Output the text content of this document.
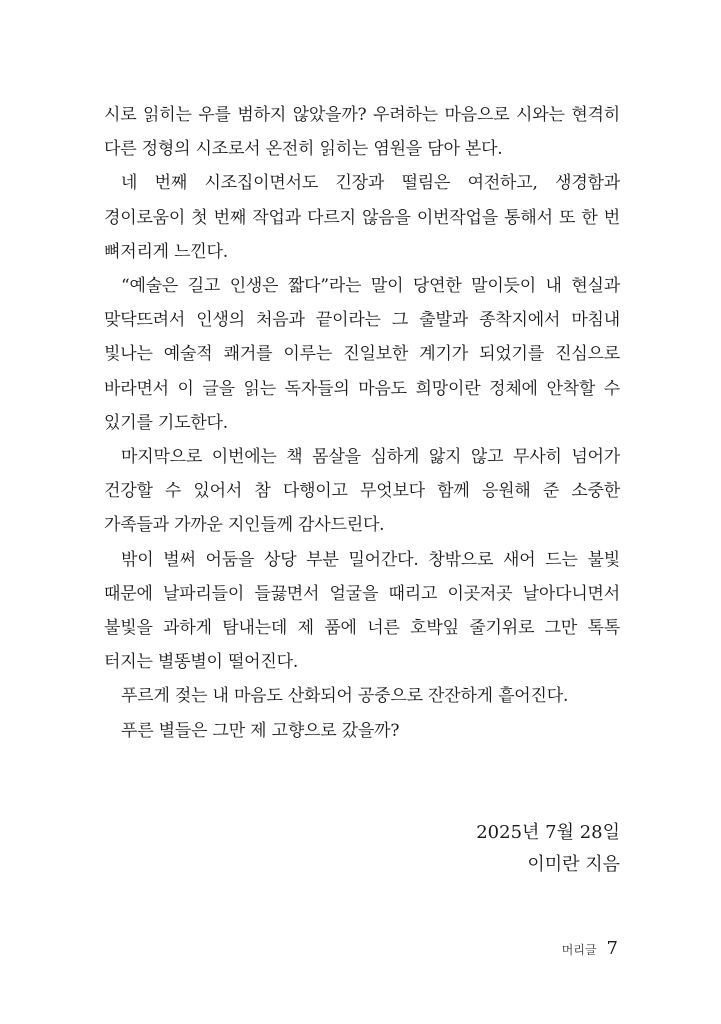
시로 읽히는 우를 범하지 않았을까? 우려하는 마음으로 시와는 현격히 다른 정형의 시조로서 온전히 읽히는 염원을 담아 본다.

네 번째 시조집이면서도 긴장과 떨림은 여전하고, 생경함과 경이로움이 첫 번째 작업과 다르지 않음을 이번작업을 통해서 또 한 번 뼈저리게 느낀다.

“예술은 길고 인생은 짧다”라는 말이 당연한 말이듯이 내 현실과 맞닥뜨려서 인생의 처음과 끝이라는 그 출발과 종착지에서 마침내 빛나는 예술적 쾌거를 이루는 진일보한 계기가 되었기를 진심으로 바라면서 이 글을 읽는 독자들의 마음도 희망이란 정체에 안착할 수 있기를 기도한다.

마지막으로 이번에는 책 몸살을 심하게 앓지 않고 무사히 넘어가 건강할 수 있어서 참 다행이고 무엇보다 함께 응원해 준 소중한 가족들과 가까운 지인들께 감사드린다.

밖이 벌써 어둠을 상당 부분 밀어간다. 창밖으로 새어 드는 불빛 때문에 날파리들이 들끓면서 얼굴을 때리고 이곳저곳 날아다니면서 불빛을 과하게 탐내는데 제 품에 너른 호박잎 줄기위로 그만 톡톡 터지는 별똥별이 떨어진다.

푸르게 젖는 내 마음도 산화되어 공중으로 잔잔하게 흩어진다.

푸른 별들은 그만 제 고향으로 갔을까?

2025년 7월 28일
이미란 지음
머리글 7
